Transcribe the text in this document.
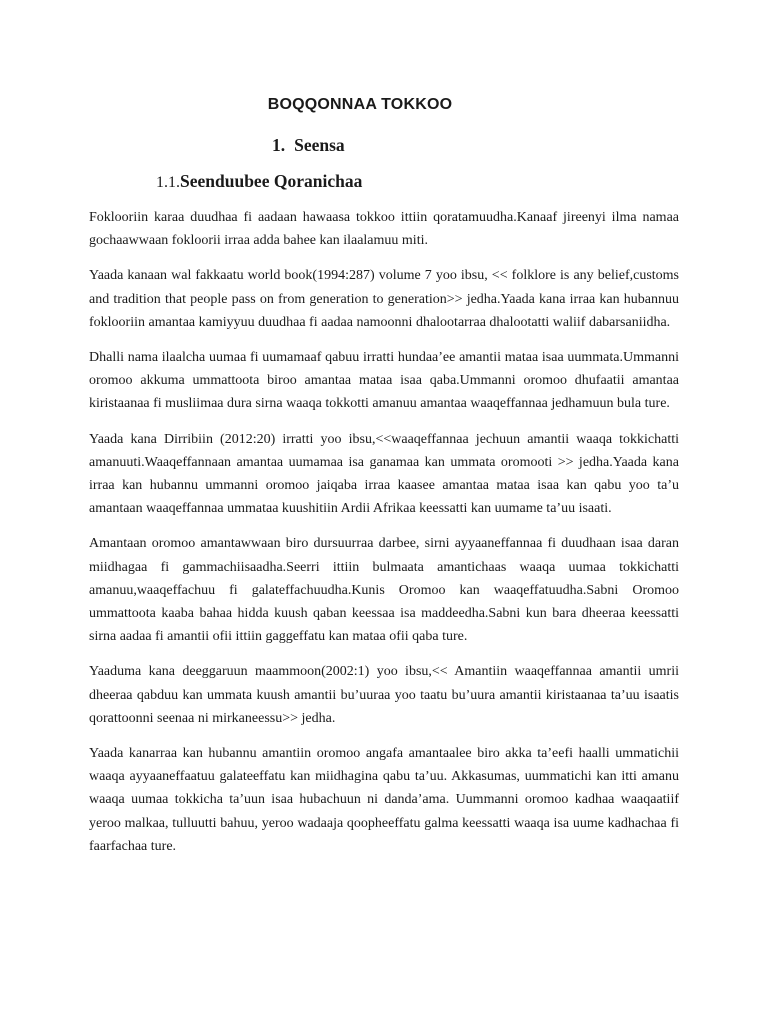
BOQQONNAA TOKKOO
1. Seensa
1.1.Seenduubee Qoranichaa

Fokloorii​n karaa duudhaa fi aadaan hawaasa tokkoo ittiin qoratamuudha.Kanaaf jireenyi ilma namaa gochaawwaan fokloorii irraa adda bahee kan ilaalamuu miti.

Yaada kanaan wal fakkaatu world book(1994:287) volume 7 yoo ibsu, << folklore is any belief,customs and tradition that people pass on from generation to generation>> jedha.Yaada kana irraa kan hubannuu fokloo​riin amantaa kamiyyuu duudhaa fi aadaa namoonni dhalootarraa dhalootatti waliif dabarsaniidha.

Dhalli nama ilaalcha uumaa fi uumamaaf qabuu irratti hundaa’ee amantii mataa isaa uummata.Ummanni oromoo akkuma ummattoota biroo amantaa mataa isaa qaba.Ummanni oromoo dhufaatii amantaa kiristaanaa fi musliimaa dura sirna waaqa tokkotti amanuu amantaa waaqeffannaa jedhamuun bula ture.

Yaada kana Dirribiin (2012:20) irratti yoo ibsu,<<waaqeffannaa jechuun amantii waaqa tokkichatti amanuuti.Waaqeffannaan amantaa uumamaa isa ganamaa kan ummata oromooti >> jedha.Yaada kana irraa kan hubannu ummanni oromoo jaiqaba irraa kaasee amantaa mataa isaa kan qabu yoo ta’u amantaan waaqeffannaa ummataa kuushitiin Ardii Afrikaa keessatti kan uumame ta’uu isaati.

Amantaan oromoo amantawwaan biro dursuurraa darbee, sirni ayyaaneffannaa fi duudhaan isaa daran miidhagaa fi gammachiisaadha.Seerri ittiin bulmaata amantichaas waaqa uumaa tokkichatti amanuu,waaqeffachuu fi galateffachuudha.Kunis Oromoo kan waaqeffatuudha.Sabni Oromoo ummattoota kaaba bahaa hidda kuush qaban keessaa isa maddeedha.Sabni kun bara dheeraa keessatti sirna aadaa fi amantii ofii ittiin gaggeffatu kan mataa ofii qaba ture.

Yaaduma kana deeggaruun maammoon(2002:1) yoo ibsu,<< Amantiin waaqeffannaa amantii umrii dheeraa qabduu kan ummata kuush amantii bu’uuraa yoo taatu bu’uura amantii kiristaanaa ta’uu isaatis qorattoonni seenaa ni mirkaneessu>> jedha.

Yaada kanarraa kan hubannu amantiin oromoo angafa amantaalee biro akka ta’eefi haalli ummatichii waaqa ayyaaneffaatuu galateeffatu kan miidhagina qabu ta’uu. Akkasumas, uummatichi kan itti amanu waaqa uumaa tokkicha ta’uun isaa hubachuun ni danda’ama. Uummanni oromoo kadhaa waaqaatiif yeroo malkaa, tulluutti bahuu, yeroo wadaaja qoopheeffatu galma keessatti waaqa isa uume kadhachaa fi faarfachaa ture.
